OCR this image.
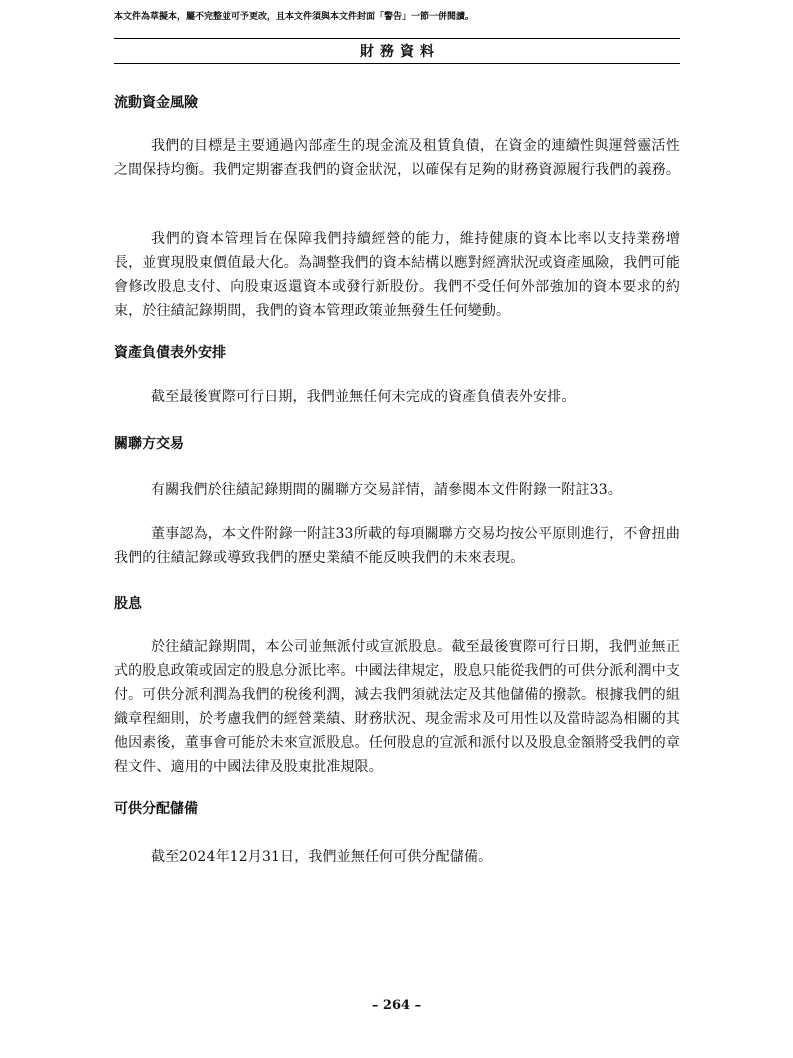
本文件為草擬本，屬不完整並可予更改，且本文件須與本文件封面「警告」一節一併閱讀。
財務資料
流動資金風險

我們的目標是主要通過內部產生的現金流及租賃負債，在資金的連續性與運營靈活性之間保持均衡。我們定期審查我們的資金狀況，以確保有足夠的財務資源履行我們的義務。

我們的資本管理旨在保障我們持續經營的能力，維持健康的資本比率以支持業務增長，並實現股東價值最大化。為調整我們的資本結構以應對經濟狀況或資產風險，我們可能會修改股息支付、向股東返還資本或發行新股份。我們不受任何外部強加的資本要求的約束，於往績記錄期間，我們的資本管理政策並無發生任何變動。

資產負債表外安排

截至最後實際可行日期，我們並無任何未完成的資產負債表外安排。

關聯方交易

有關我們於往績記錄期間的關聯方交易詳情，請參閱本文件附錄一附註33。

董事認為，本文件附錄一附註33所載的每項關聯方交易均按公平原則進行，不會扭曲我們的往績記錄或導致我們的歷史業績不能反映我們的未來表現。

股息

於往績記錄期間，本公司並無派付或宣派股息。截至最後實際可行日期，我們並無正式的股息政策或固定的股息分派比率。中國法律規定，股息只能從我們的可供分派利潤中支付。可供分派利潤為我們的稅後利潤，減去我們須就法定及其他儲備的撥款。根據我們的組織章程細則，於考慮我們的經營業績、財務狀況、現金需求及可用性以及當時認為相關的其他因素後，董事會可能於未來宣派股息。任何股息的宣派和派付以及股息金額將受我們的章程文件、適用的中國法律及股東批准規限。

可供分配儲備

截至2024年12月31日，我們並無任何可供分配儲備。

– 264 –
